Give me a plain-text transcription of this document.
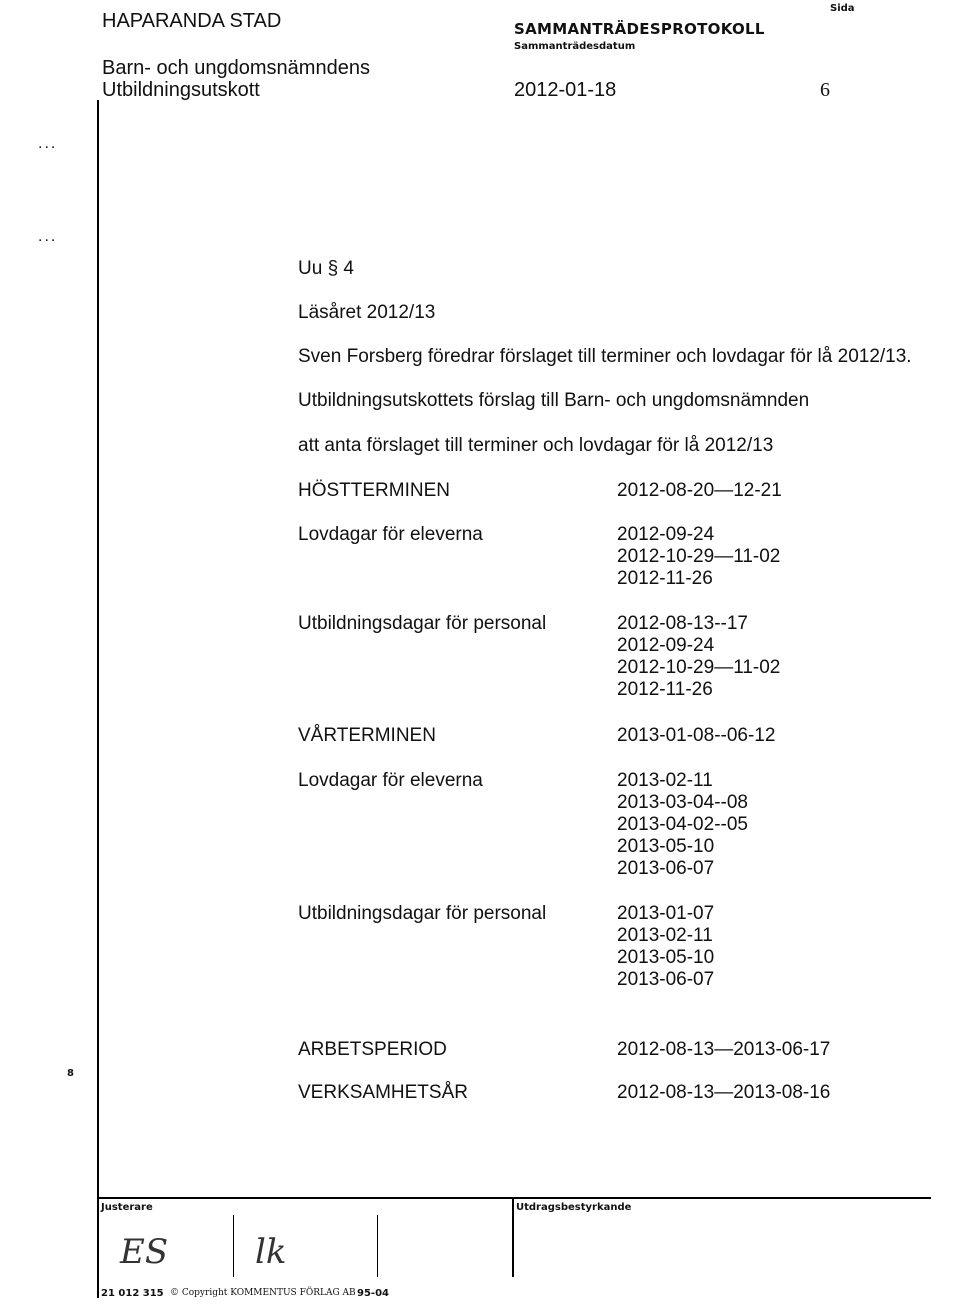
HAPARANDA STAD
Barn- och ungdomsnämndens
Utbildningsutskott
SAMMANTRÄDESPROTOKOLL
Sammanträdesdatum
2012-01-18
Sida
6
...
...
8
Uu § 4
Läsåret 2012/13
Sven Forsberg föredrar förslaget till terminer och lovdagar för lå 2012/13.
Utbildningsutskottets förslag till Barn- och ungdomsnämnden
att anta förslaget till terminer och lovdagar för lå 2012/13
HÖSTTERMINEN	2012-08-20—12-21
Lovdagar för eleverna	2012-09-24
2012-10-29—11-02
2012-11-26
Utbildningsdagar för personal	2012-08-13--17
2012-09-24
2012-10-29—11-02
2012-11-26
VÅRTERMINEN	2013-01-08--06-12
Lovdagar för eleverna	2013-02-11
2013-03-04--08
2013-04-02--05
2013-05-10
2013-06-07
Utbildningsdagar för personal	2013-01-07
2013-02-11
2013-05-10
2013-06-07
ARBETSPERIOD	2012-08-13—2013-06-17
VERKSAMHETSÅR	2012-08-13—2013-08-16
Justerare	Utdragsbestyrkande
ES	lk
21 012 315 © Copyright KOMMENTUS FÖRLAG AB 95-04
